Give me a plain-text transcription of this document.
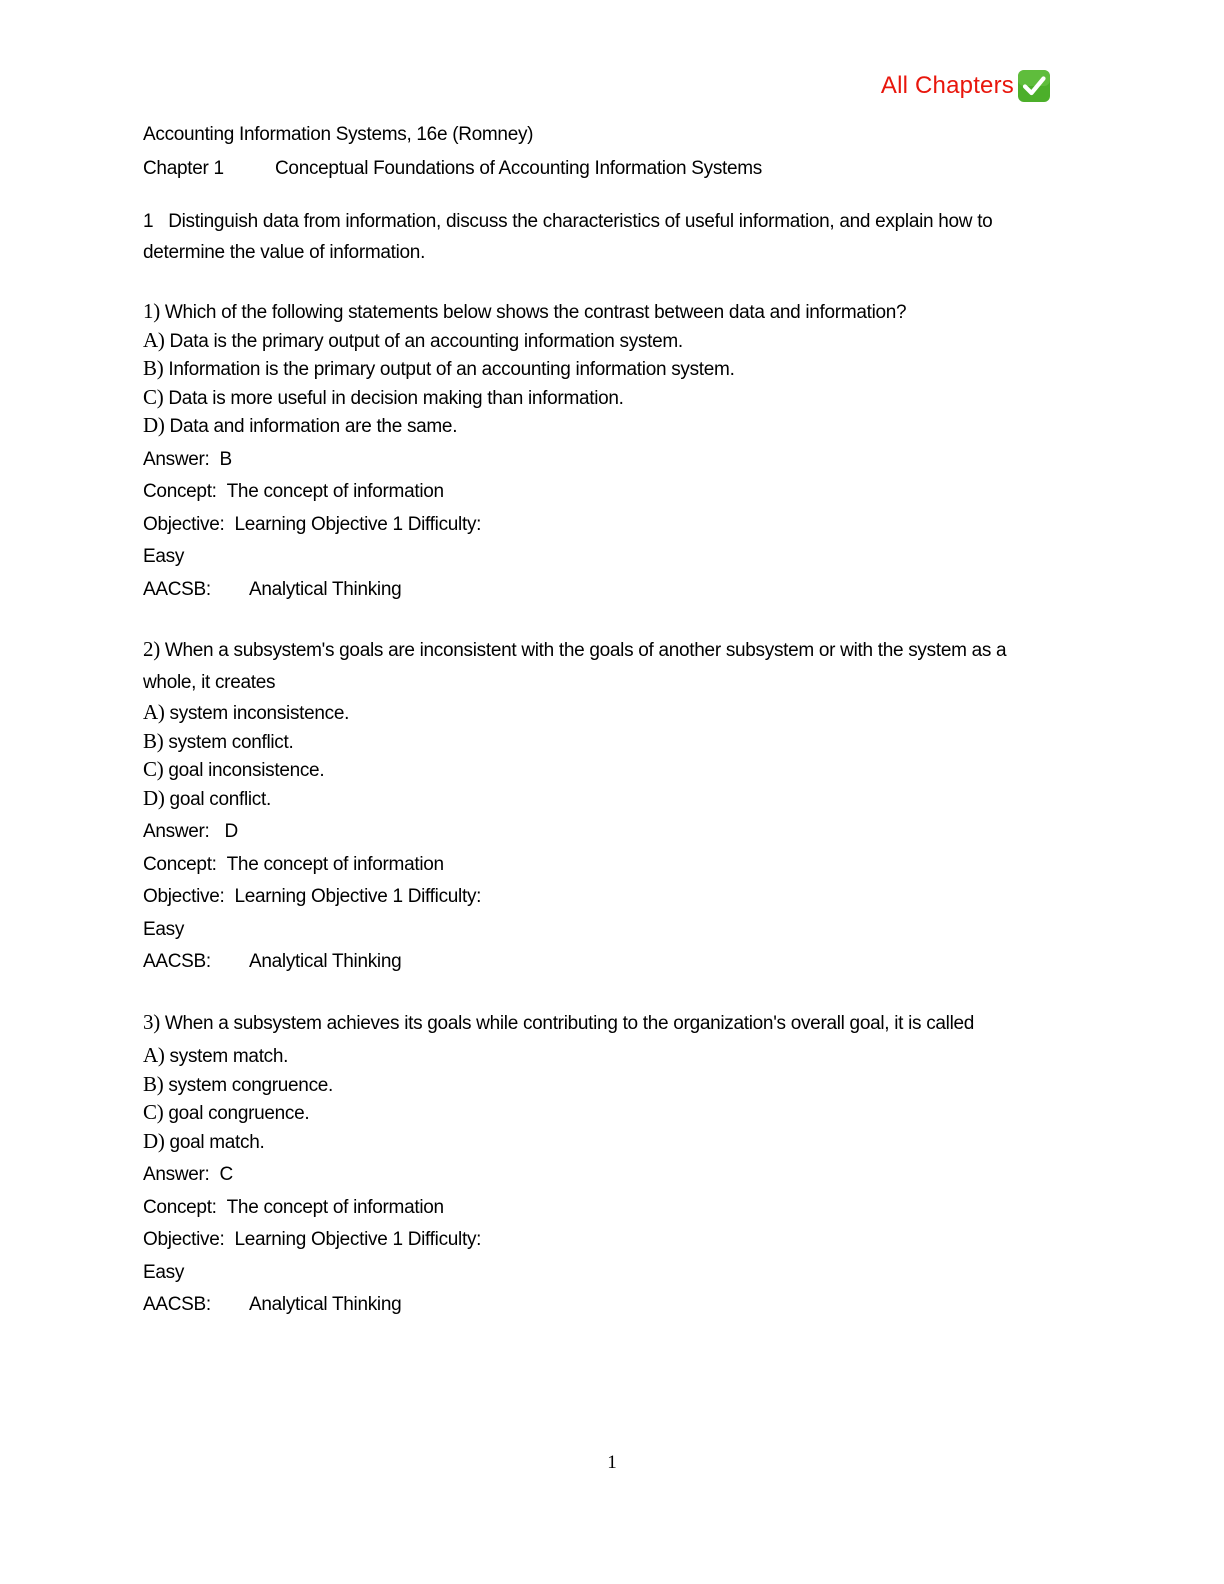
All Chapters
Accounting Information Systems, 16e (Romney)
Chapter 1	Conceptual Foundations of Accounting Information Systems
1 Distinguish data from information, discuss the characteristics of useful information, and explain how to determine the value of information.
1) Which of the following statements below shows the contrast between data and information?
A) Data is the primary output of an accounting information system.
B) Information is the primary output of an accounting information system.
C) Data is more useful in decision making than information.
D) Data and information are the same.
Answer: B
Concept: The concept of information
Objective: Learning Objective 1 Difficulty:
Easy
AACSB: Analytical Thinking
2) When a subsystem's goals are inconsistent with the goals of another subsystem or with the system as a whole, it creates
A) system inconsistence.
B) system conflict.
C) goal inconsistence.
D) goal conflict.
Answer: D
Concept: The concept of information
Objective: Learning Objective 1 Difficulty:
Easy
AACSB: Analytical Thinking
3) When a subsystem achieves its goals while contributing to the organization's overall goal, it is called
A) system match.
B) system congruence.
C) goal congruence.
D) goal match.
Answer: C
Concept: The concept of information
Objective: Learning Objective 1 Difficulty:
Easy
AACSB: Analytical Thinking
1
